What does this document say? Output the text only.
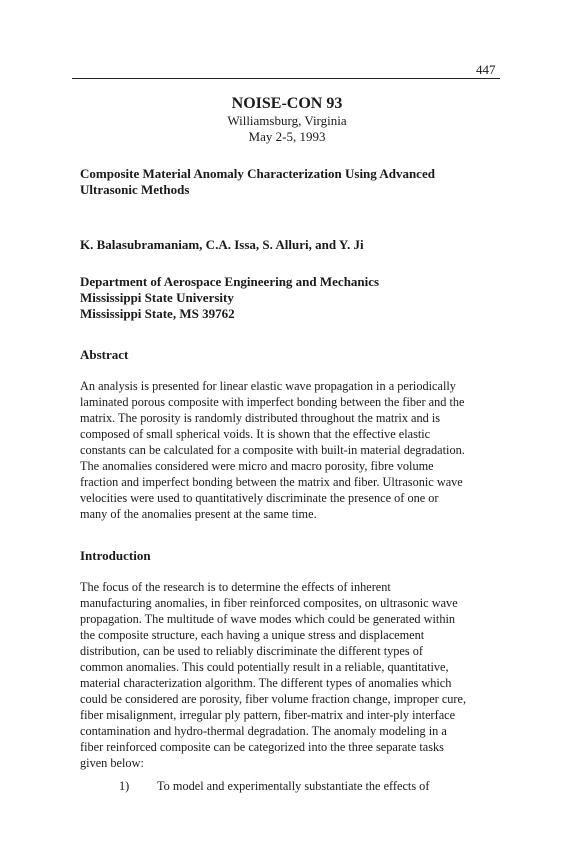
447
NOISE-CON 93
Williamsburg, Virginia
May 2-5, 1993
Composite Material Anomaly Characterization Using Advanced
Ultrasonic Methods
K. Balasubramaniam, C.A. Issa, S. Alluri, and Y. Ji
Department of Aerospace Engineering and Mechanics
Mississippi State University
Mississippi State, MS 39762
Abstract
An analysis is presented for linear elastic wave propagation in a periodically
laminated porous composite with imperfect bonding between the fiber and the
matrix. The porosity is randomly distributed throughout the matrix and is
composed of small spherical voids. It is shown that the effective elastic
constants can be calculated for a composite with built-in material degradation.
The anomalies considered were micro and macro porosity, fibre volume
fraction and imperfect bonding between the matrix and fiber. Ultrasonic wave
velocities were used to quantitatively discriminate the presence of one or
many of the anomalies present at the same time.
Introduction
The focus of the research is to determine the effects of inherent
manufacturing anomalies, in fiber reinforced composites, on ultrasonic wave
propagation. The multitude of wave modes which could be generated within
the composite structure, each having a unique stress and displacement
distribution, can be used to reliably discriminate the different types of
common anomalies. This could potentially result in a reliable, quantitative,
material characterization algorithm. The different types of anomalies which
could be considered are porosity, fiber volume fraction change, improper cure,
fiber misalignment, irregular ply pattern, fiber-matrix and inter-ply interface
contamination and hydro-thermal degradation. The anomaly modeling in a
fiber reinforced composite can be categorized into the three separate tasks
given below:
1) To model and experimentally substantiate the effects of
